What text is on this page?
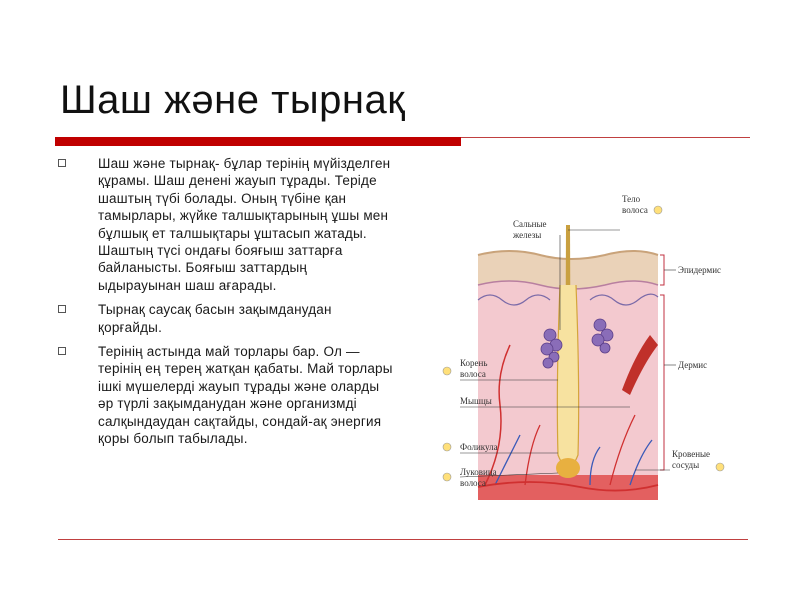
Шаш жəне тырнақ
Шаш жəне тырнақ- бұлар терінің мүйізделген құрамы. Шаш денені жауып тұрады. Теріде шаштың түбі болады. Оның түбіне қан тамырлары, жүйке талшықтарының ұшы мен бұлшық ет талшықтары ұштасып жатады. Шаштың түсі ондағы бояғыш заттарға байланысты. Бояғыш заттардың ыдырауынан шаш ағарады.
Тырнақ саусақ басын зақымданудан қорғайды.
Терінің астында май торлары бар. Ол — терінің ең терең жатқан қабаты. Май торлары ішкі мүшелерді жауып тұрады жəне оларды əр түрлі зақымданудан жəне организмді салқындаудан сақтайды, сондай-ақ энергия қоры болып табылады.
Тело
волоса
Сальные
железы
Эпидермис
Дермис
Корень
волоса
Мышцы
Фоликула
Луковица
волоса
Кровеные
сосуды
